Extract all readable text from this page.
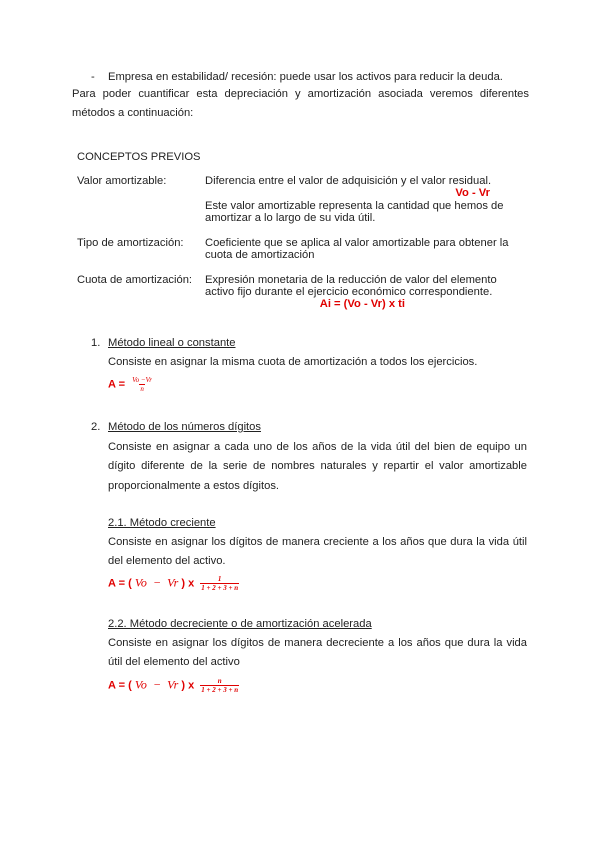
- Empresa en estabilidad/ recesión: puede usar los activos para reducir la deuda.
Para poder cuantificar esta depreciación y amortización asociada veremos diferentes
métodos a continuación:
CONCEPTOS PREVIOS
Valor amortizable:	Diferencia entre el valor de adquisición y el valor residual.
Vo - Vr
Este valor amortizable representa la cantidad que hemos de
amortizar a lo largo de su vida útil.
Tipo de amortización: Coeficiente que se aplica al valor amortizable para obtener la
cuota de amortización
Cuota de amortización: Expresión monetaria de la reducción de valor del elemento
activo fijo durante el ejercicio económico correspondiente.
Ai = (Vo - Vr) x ti
1. Método lineal o constante
Consiste en asignar la misma cuota de amortización a todos los ejercicios.
$A = \frac{Vo -Vr}{n}$
2. Método de los números dígitos
Consiste en asignar a cada uno de los años de la vida útil del bien de equipo un
dígito diferente de la serie de nombres naturales y repartir el valor amortizable
proporcionalmente a estos dígitos.
2.1. Método creciente
Consiste en asignar los dígitos de manera creciente a los años que dura la vida útil
del elemento del activo.
A = ( Vo − Vr ) x $\frac{1}{1 + 2 + 3 + n}$
2.2. Método decreciente o de amortización acelerada
Consiste en asignar los dígitos de manera decreciente a los años que dura la vida
útil del elemento del activo
A = ( Vo − Vr ) x $\frac{n}{1 + 2 + 3 + n}$
